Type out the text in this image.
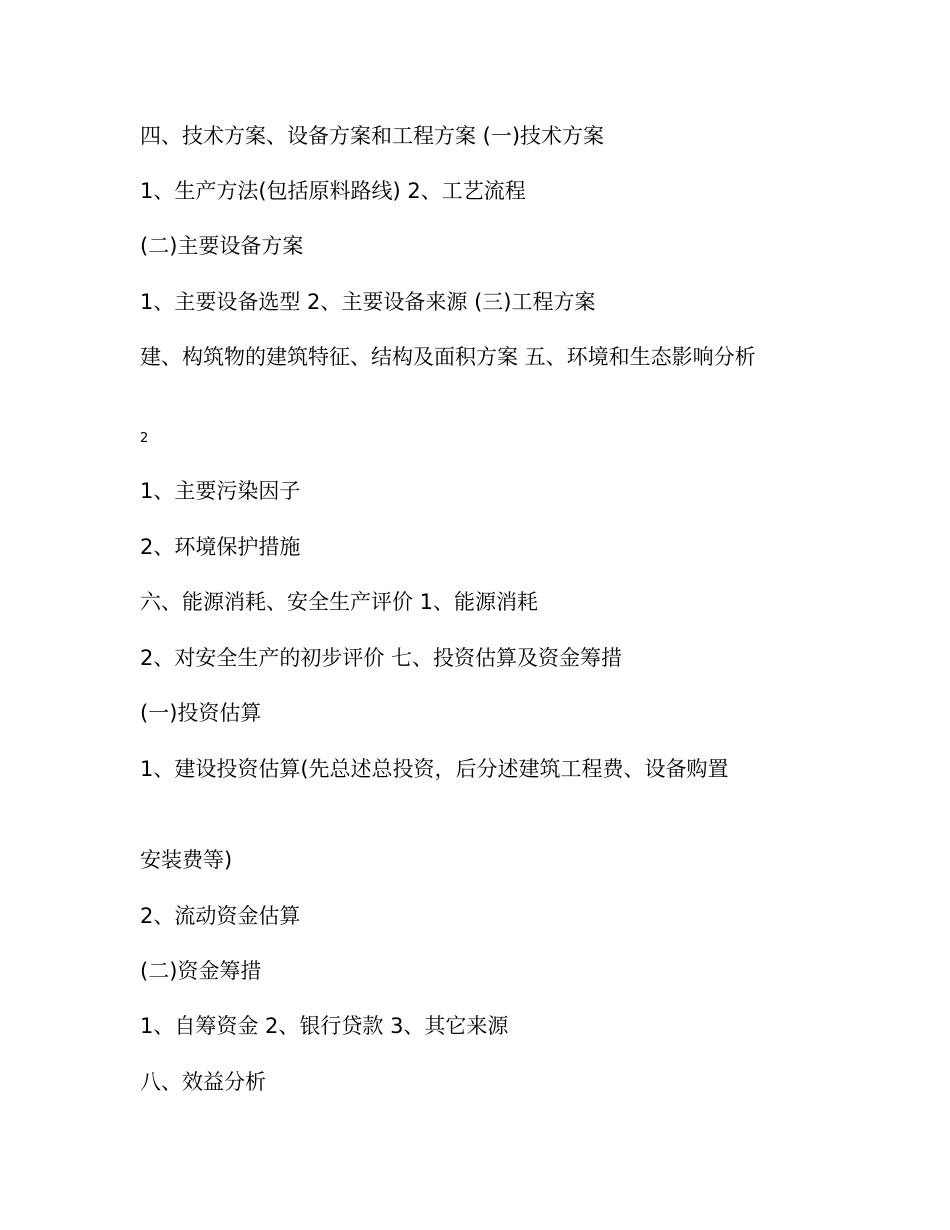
四、技术方案、设备方案和工程方案 (一)技术方案

1、生产方法(包括原料路线) 2、工艺流程

(二)主要设备方案

1、主要设备选型 2、主要设备来源 (三)工程方案

建、构筑物的建筑特征、结构及面积方案 五、环境和生态影响分析

2

1、主要污染因子

2、环境保护措施

六、能源消耗、安全生产评价 1、能源消耗

2、对安全生产的初步评价 七、投资估算及资金筹措

(一)投资估算

1、建设投资估算(先总述总投资，后分述建筑工程费、设备购置

安装费等)

2、流动资金估算

(二)资金筹措

1、自筹资金 2、银行贷款 3、其它来源

八、效益分析
